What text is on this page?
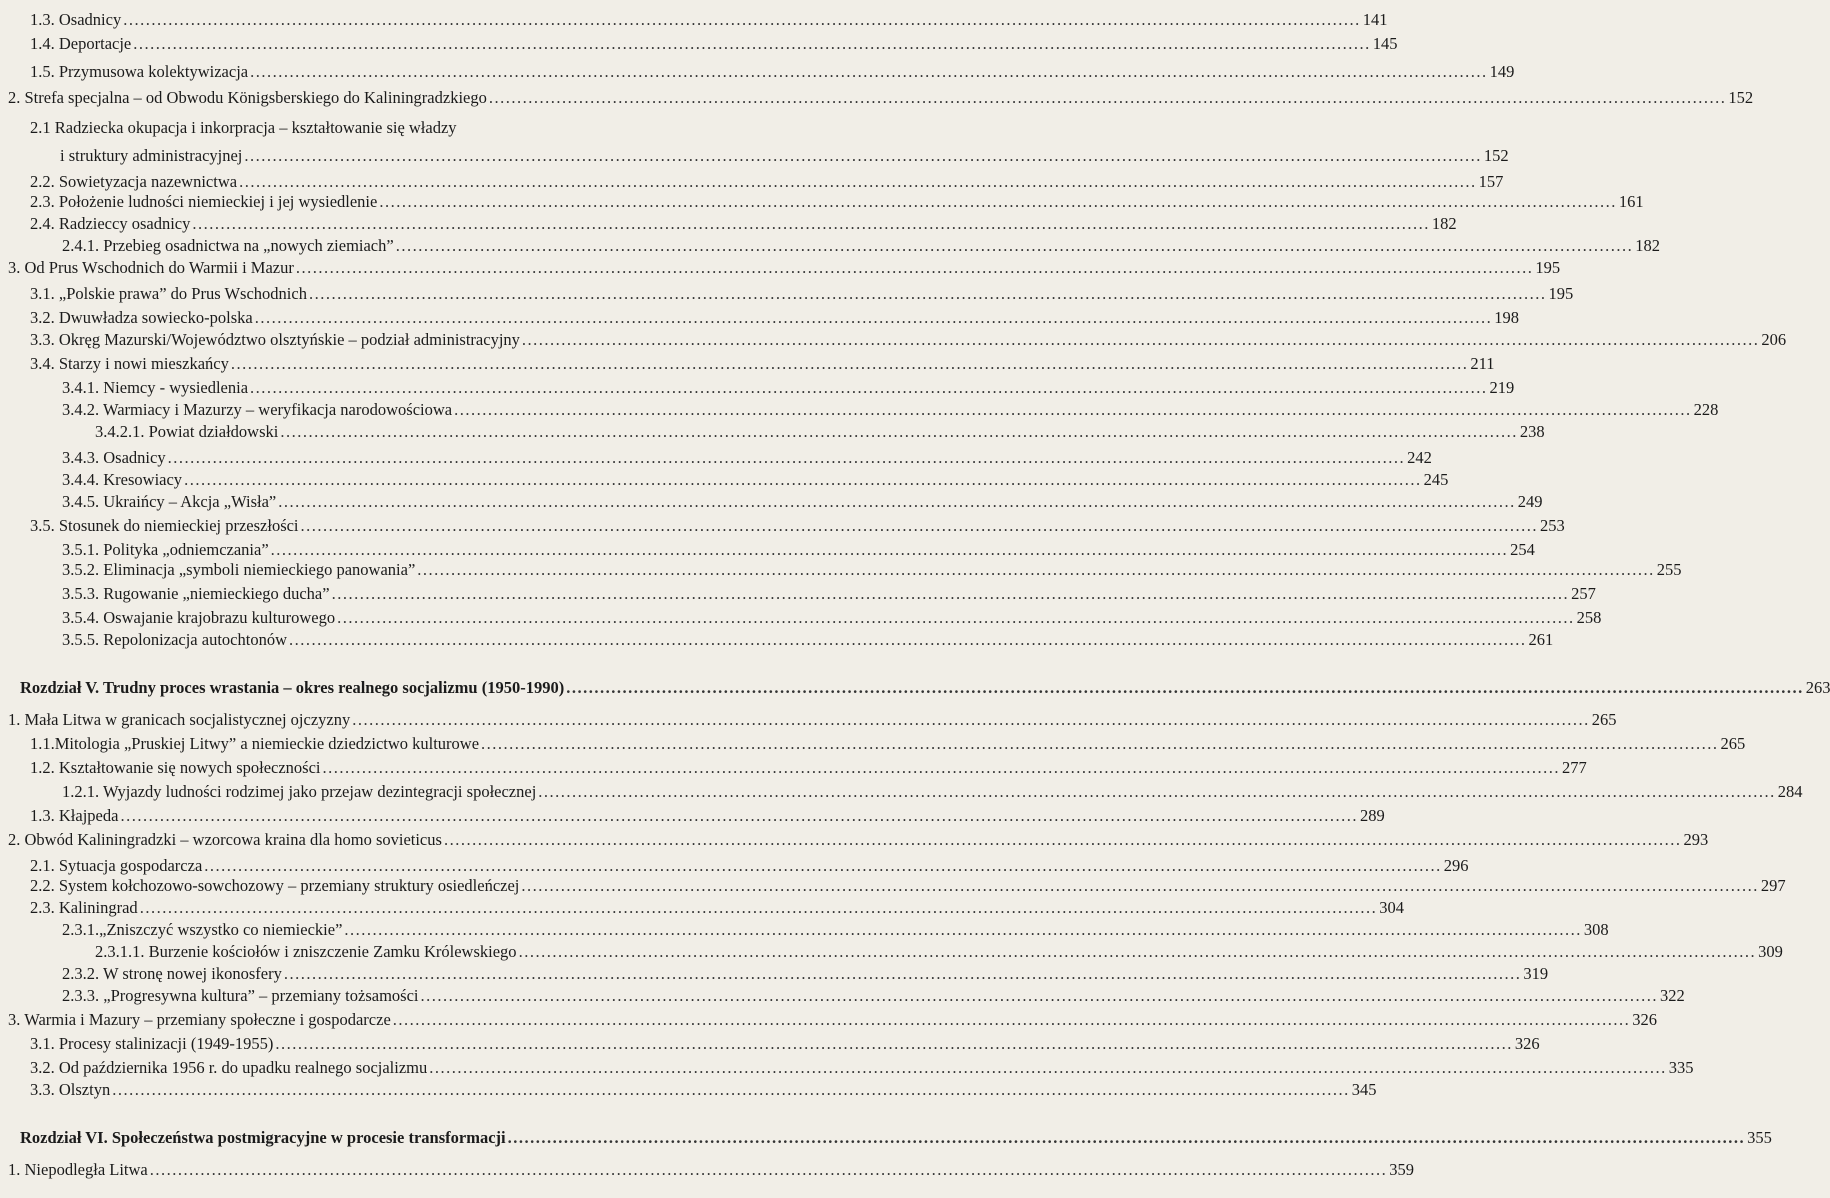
1.3. Osadnicy ............................................................................................................................................................................................................................ 141
1.4. Deportacje ............................................................................................................................................................................................................................ 145
1.5. Przymusowa kolektywizacja ............................................................................................................................................................................................................................ 149
2. Strefa specjalna – od Obwodu Königsberskiego do Kaliningradzkiego ............................................................................................................................................................................................................................ 152
2.1 Radziecka okupacja i inkorpracja – kształtowanie się władzy
i struktury administracyjnej ............................................................................................................................................................................................................................ 152
2.2. Sowietyzacja nazewnictwa ............................................................................................................................................................................................................................ 157
2.3. Położenie ludności niemieckiej i jej wysiedlenie ............................................................................................................................................................................................................................ 161
2.4. Radzieccy osadnicy ............................................................................................................................................................................................................................ 182
2.4.1. Przebieg osadnictwa na „nowych ziemiach” ............................................................................................................................................................................................................................ 182
3. Od Prus Wschodnich do Warmii i Mazur ............................................................................................................................................................................................................................ 195
3.1. „Polskie prawa” do Prus Wschodnich ............................................................................................................................................................................................................................ 195
3.2. Dwuwładza sowiecko-polska ............................................................................................................................................................................................................................ 198
3.3. Okręg Mazurski/Województwo olsztyńskie – podział administracyjny ............................................................................................................................................................................................................................ 206
3.4. Starzy i nowi mieszkańcy ............................................................................................................................................................................................................................ 211
3.4.1. Niemcy - wysiedlenia ............................................................................................................................................................................................................................ 219
3.4.2. Warmiacy i Mazurzy – weryfikacja narodowościowa ............................................................................................................................................................................................................................ 228
3.4.2.1. Powiat działdowski ............................................................................................................................................................................................................................ 238
3.4.3. Osadnicy ............................................................................................................................................................................................................................ 242
3.4.4. Kresowiacy ............................................................................................................................................................................................................................ 245
3.4.5. Ukraińcy – Akcja „Wisła” ............................................................................................................................................................................................................................ 249
3.5. Stosunek do niemieckiej przeszłości ............................................................................................................................................................................................................................ 253
3.5.1. Polityka „odniemczania” ............................................................................................................................................................................................................................ 254
3.5.2. Eliminacja „symboli niemieckiego panowania” ............................................................................................................................................................................................................................ 255
3.5.3. Rugowanie „niemieckiego ducha” ............................................................................................................................................................................................................................ 257
3.5.4. Oswajanie krajobrazu kulturowego ............................................................................................................................................................................................................................ 258
3.5.5. Repolonizacja autochtonów ............................................................................................................................................................................................................................ 261
Rozdział V. Trudny proces wrastania – okres realnego socjalizmu (1950-1990) ............................................................................................................................................................................................................................ 263
1. Mała Litwa w granicach socjalistycznej ojczyzny ............................................................................................................................................................................................................................ 265
1.1.Mitologia „Pruskiej Litwy” a niemieckie dziedzictwo kulturowe ............................................................................................................................................................................................................................ 265
1.2. Kształtowanie się nowych społeczności ............................................................................................................................................................................................................................ 277
1.2.1. Wyjazdy ludności rodzimej jako przejaw dezintegracji społecznej ............................................................................................................................................................................................................................ 284
1.3. Kłajpeda ............................................................................................................................................................................................................................ 289
2. Obwód Kaliningradzki – wzorcowa kraina dla homo sovieticus ............................................................................................................................................................................................................................ 293
2.1. Sytuacja gospodarcza ............................................................................................................................................................................................................................ 296
2.2. System kołchozowo-sowchozowy – przemiany struktury osiedleńczej ............................................................................................................................................................................................................................ 297
2.3. Kaliningrad ............................................................................................................................................................................................................................ 304
2.3.1.„Zniszczyć wszystko co niemieckie” ............................................................................................................................................................................................................................ 308
2.3.1.1. Burzenie kościołów i zniszczenie Zamku Królewskiego ............................................................................................................................................................................................................................ 309
2.3.2. W stronę nowej ikonosfery ............................................................................................................................................................................................................................ 319
2.3.3. „Progresywna kultura” – przemiany tożsamości ............................................................................................................................................................................................................................ 322
3. Warmia i Mazury – przemiany społeczne i gospodarcze ............................................................................................................................................................................................................................ 326
3.1. Procesy stalinizacji (1949-1955) ............................................................................................................................................................................................................................ 326
3.2. Od października 1956 r. do upadku realnego socjalizmu ............................................................................................................................................................................................................................ 335
3.3. Olsztyn ............................................................................................................................................................................................................................ 345
Rozdział VI. Społeczeństwa postmigracyjne w procesie transformacji ............................................................................................................................................................................................................................ 355
1. Niepodległa Litwa ............................................................................................................................................................................................................................ 359
